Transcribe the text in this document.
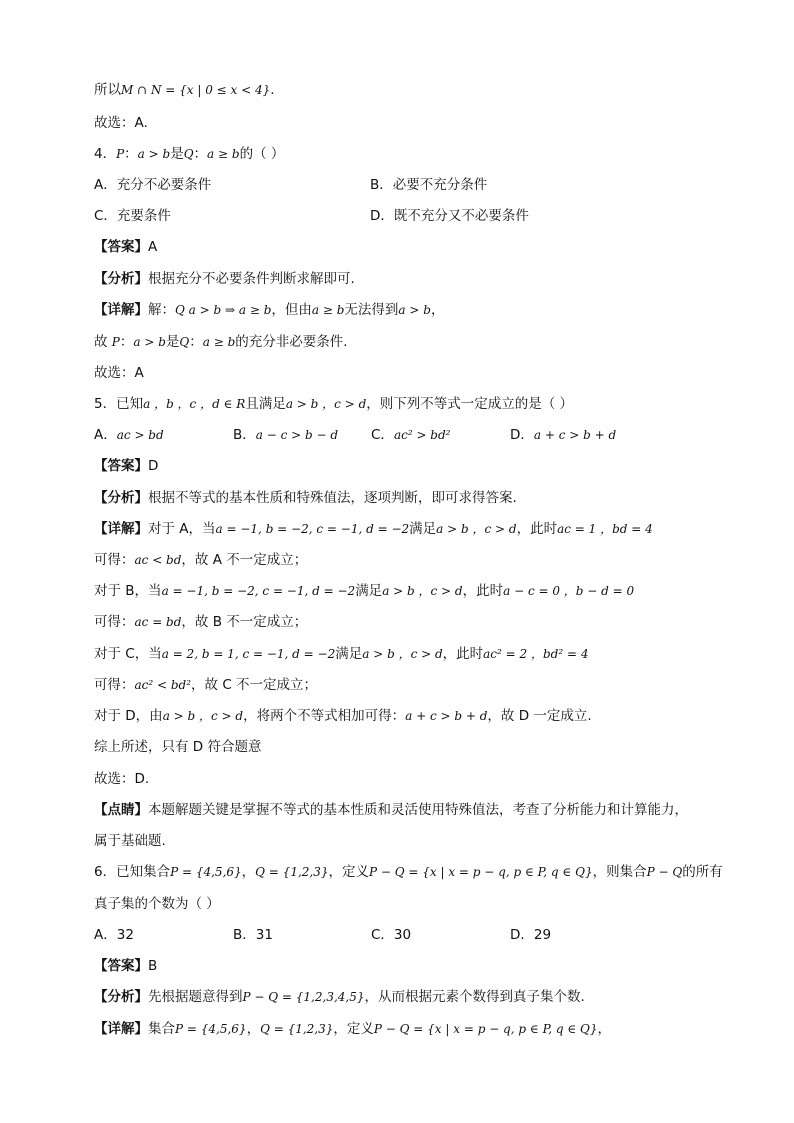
所以M ∩ N = {x | 0 ≤ x < 4}.
故选：A.
4．P：a > b是Q：a ≥ b的（ ）
A．充分不必要条件	B．必要不充分条件
C．充要条件	D．既不充分又不必要条件
【答案】A
【分析】根据充分不必要条件判断求解即可.
【详解】解：Q a > b ⇒ a ≥ b，但由a ≥ b无法得到a > b，
故 P：a > b是Q：a ≥ b的充分非必要条件.
故选：A
5．已知a ，b ，c ，d ∈ R且满足a > b ，c > d，则下列不等式一定成立的是（ ）
A．ac > bd	B．a − c > b − d C．ac² > bd²	D．a + c > b + d
【答案】D
【分析】根据不等式的基本性质和特殊值法，逐项判断，即可求得答案.
【详解】对于 A，当a = −1, b = −2, c = −1, d = −2满足a > b ，c > d，此时ac = 1 ，bd = 4
可得：ac < bd，故 A 不一定成立；
对于 B，当a = −1, b = −2, c = −1, d = −2满足a > b ，c > d，此时a − c = 0 ，b − d = 0
可得：ac = bd，故 B 不一定成立；
对于 C，当a = 2, b = 1, c = −1, d = −2满足a > b ，c > d，此时ac² = 2 ，bd² = 4
可得：ac² < bd²，故 C 不一定成立；
对于 D，由a > b ，c > d，将两个不等式相加可得：a + c > b + d，故 D 一定成立.
综上所述，只有 D 符合题意
故选：D.
【点睛】本题解题关键是掌握不等式的基本性质和灵活使用特殊值法，考查了分析能力和计算能力，
属于基础题.
6．已知集合P = {4,5,6}，Q = {1,2,3}，定义P − Q = {x | x = p − q, p ∈ P, q ∈ Q}，则集合P − Q的所有
真子集的个数为（ ）
A．32	B．31	C．30	D．29
【答案】B
【分析】先根据题意得到P − Q = {1,2,3,4,5}，从而根据元素个数得到真子集个数.
【详解】集合P = {4,5,6}，Q = {1,2,3}，定义P − Q = {x | x = p − q, p ∈ P, q ∈ Q}，
